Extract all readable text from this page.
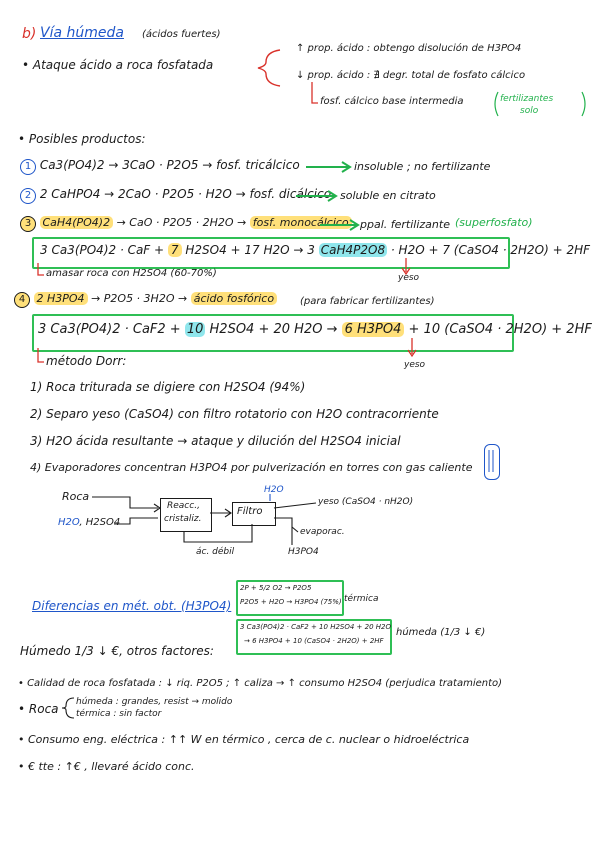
b) Vía húmeda (ácidos fuertes)
• Ataque ácido a roca fosfatada
↑ prop. ácido : obtengo disolución de H3PO4
↓ prop. ácido : ∄ degr. total de fosfato cálcico
fosf. cálcico base intermedia	fertilizantes
solo
• Posibles productos:
1 Ca3(PO4)2 → 3CaO · P2O5 → fosf. tricálcico	insoluble ; no fertilizante
2 2 CaHPO4 → 2CaO · P2O5 · H2O → fosf. dicálcico soluble en citrato
3 CaH4(PO4)2 → CaO · P2O5 · 2H2O → fosf. monocálcico ppal. fertilizante (superfosfato)
3 Ca3(PO4)2 · CaF + 7 H2SO4 + 17 H2O → 3 CaH4P2O8 · H2O + 7 (CaSO4 · 2H2O) + 2HF
yeso
amasar roca con H2SO4 (60-70%)
4 2 H3PO4 → P2O5 · 3H2O → ácido fosfórico	(para fabricar fertilizantes)
3 Ca3(PO4)2 · CaF2 + 10 H2SO4 + 20 H2O → 6 H3PO4 + 10 (CaSO4 · 2H2O) + 2HF
yeso
método Dorr:
1) Roca triturada se digiere con H2SO4 (94%)
2) Separo yeso (CaSO4) con filtro rotatorio con H2O contracorriente
3) H2O ácida resultante → ataque y dilución del H2SO4 inicial
4) Evaporadores concentran H3PO4 por pulverización en torres con gas caliente
Roca
H2O, H2SO4
Reacc.,
cristaliz.
Filtro
H2O
yeso (CaSO4 · nH2O)
evaporac.
H3PO4
ác. débil
Diferencias en mét. obt. (H3PO4)
2P + 5/2 O2 → P2O5
P2O5 + H2O → H3PO4 (75%) térmica
3 Ca3(PO4)2 · CaF2 + 10 H2SO4 + 20 H2O
→ 6 H3PO4 + 10 (CaSO4 · 2H2O) + 2HF
húmeda (1/3 ↓ €)
Húmedo 1/3 ↓ €, otros factores:
• Calidad de roca fosfatada : ↓ riq. P2O5 ; ↑ caliza → ↑ consumo H2SO4 (perjudica tratamiento)
• Roca húmeda : grandes, resist → molido
térmica : sin factor
• Consumo eng. eléctrica : ↑↑ W en térmico , cerca de c. nuclear o hidroeléctrica
• € tte : ↑€ , llevaré ácido conc.
